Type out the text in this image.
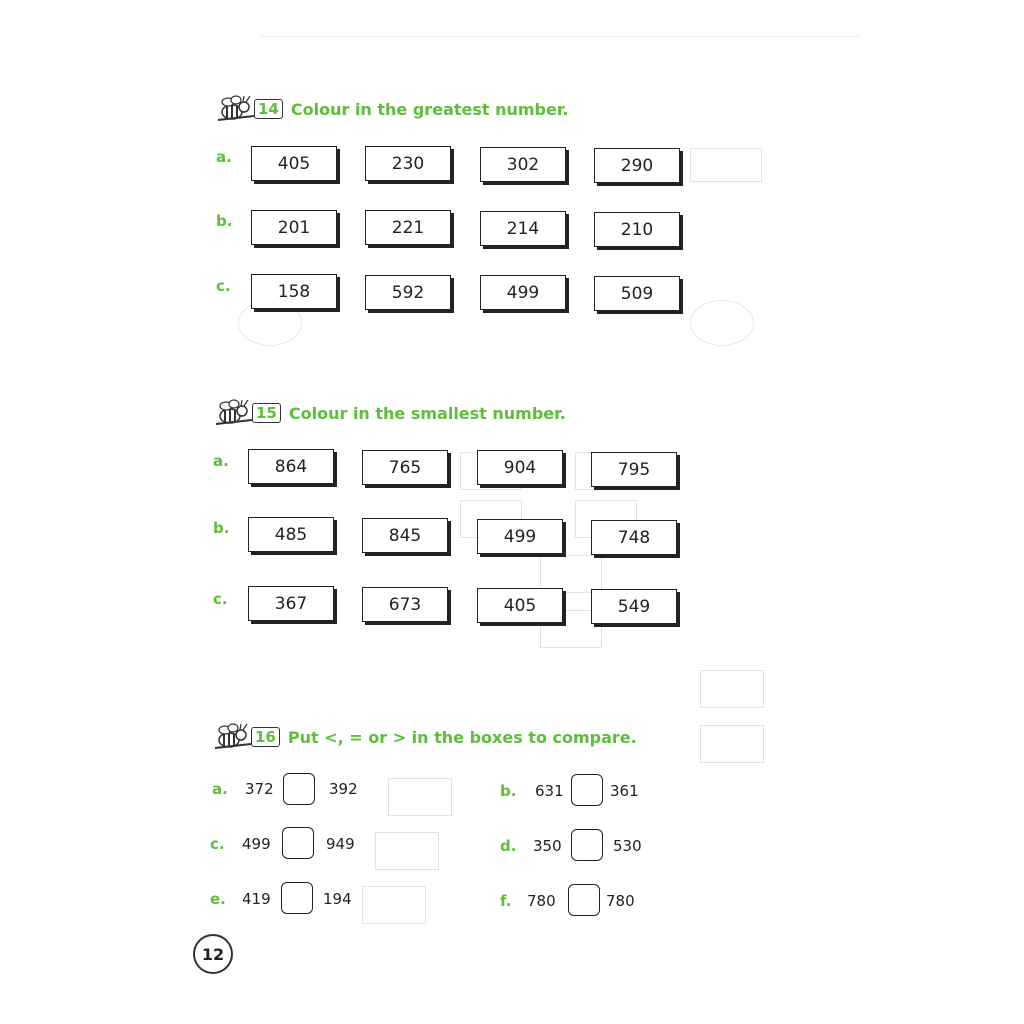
14 Colour in the greatest number.
a.	405	230	302	290
b.	201	221	214	210
c.	158	592	499	509
15 Colour in the smallest number.
a.	864	765	904	795
b.	485	845	499	748
c.	367	673	405	549
16 Put <, = or > in the boxes to compare.
a. 372	392	b. 631	361
c. 499	949	d. 350	530
e. 419	194	f. 780	780
12
